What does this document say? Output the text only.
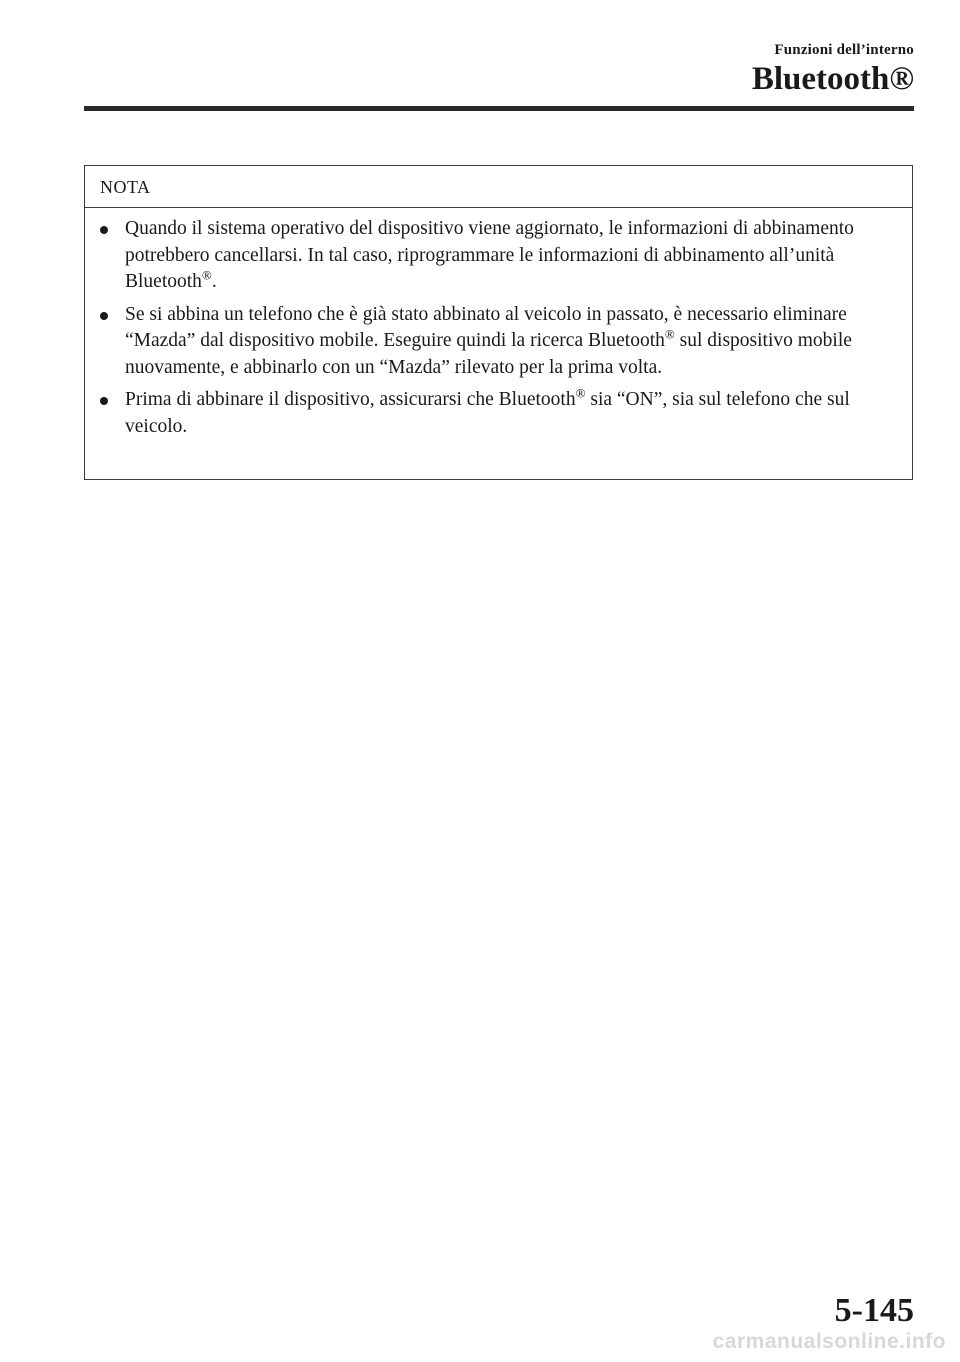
Funzioni dell’interno
Bluetooth®
NOTA

Quando il sistema operativo del dispositivo viene aggiornato, le informazioni di abbinamento potrebbero cancellarsi. In tal caso, riprogrammare le informazioni di abbinamento all’unità Bluetooth®.

Se si abbina un telefono che è già stato abbinato al veicolo in passato, è necessario eliminare “Mazda” dal dispositivo mobile. Eseguire quindi la ricerca Bluetooth® sul dispositivo mobile nuovamente, e abbinarlo con un “Mazda” rilevato per la prima volta.

Prima di abbinare il dispositivo, assicurarsi che Bluetooth® sia “ON”, sia sul telefono che sul veicolo.

5-145
carmanualsonline.info
